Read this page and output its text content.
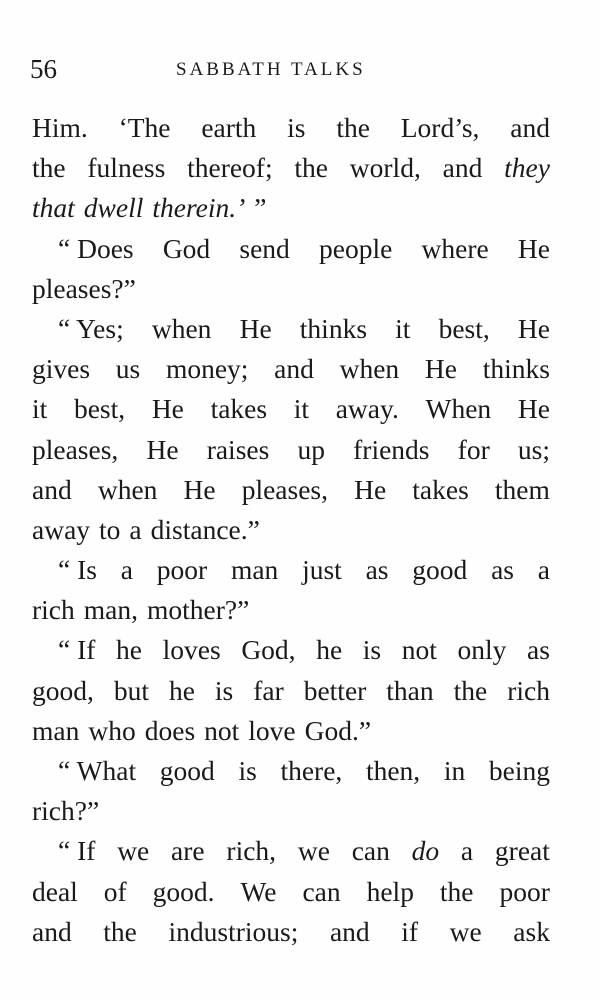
56	SABBATH TALKS
Him. ‘The earth is the Lord’s, and
the fulness thereof; the world, and they
that dwell therein.’ ”
“ Does God send people where He
pleases?”
“ Yes; when He thinks it best, He
gives us money; and when He thinks
it best, He takes it away. When He
pleases, He raises up friends for us;
and when He pleases, He takes them
away to a distance.”
“ Is a poor man just as good as a
rich man, mother?”
“ If he loves God, he is not only as
good, but he is far better than the rich
man who does not love God.”
“ What good is there, then, in being
rich?”
“ If we are rich, we can do a great
deal of good. We can help the poor
and the industrious; and if we ask
